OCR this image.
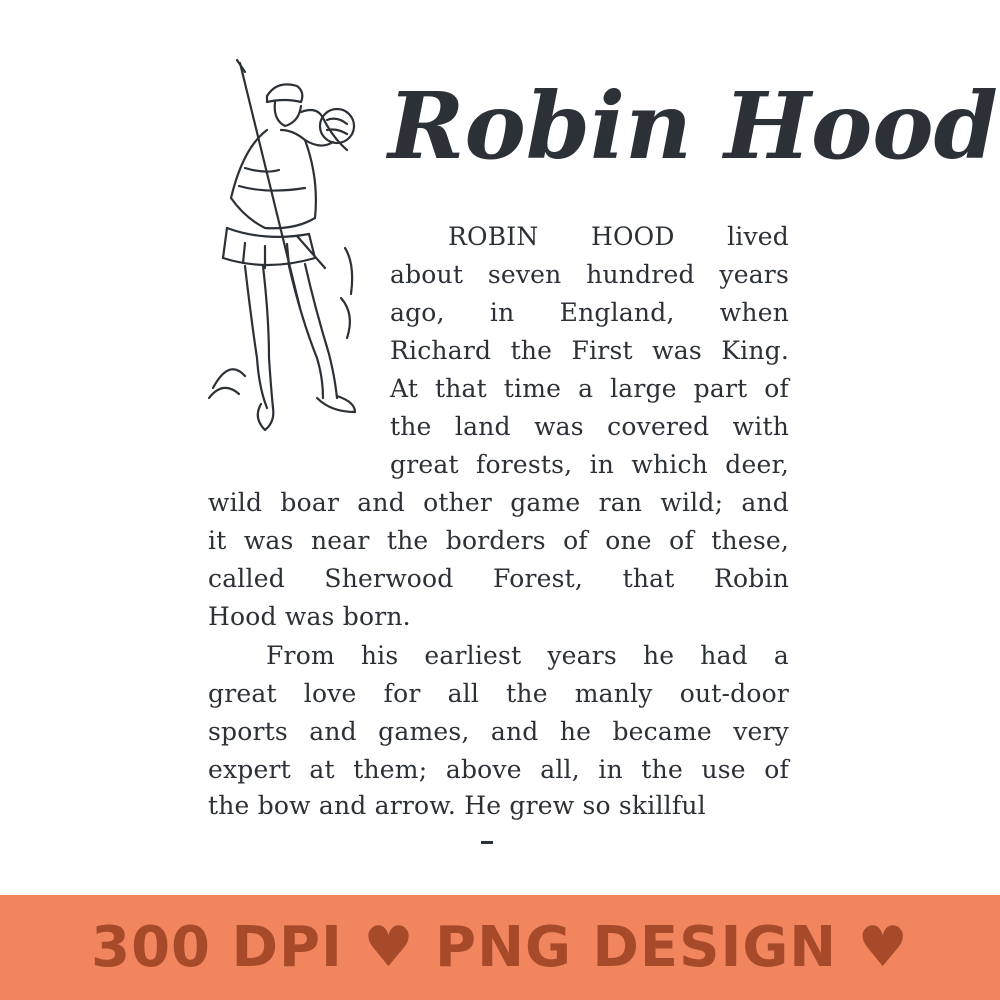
Robin Hood
ROBIN HOOD lived
about seven hundred years
ago, in England, when
Richard the First was King.
At that time a large part of
the land was covered with
great forests, in which deer,
wild boar and other game ran wild; and
it was near the borders of one of these,
called Sherwood Forest, that Robin
Hood was born.
From his earliest years he had a
great love for all the manly out-door
sports and games, and he became very
expert at them; above all, in the use of
the bow and arrow. He grew so skillful
300 DPI ♥ PNG DESIGN ♥
